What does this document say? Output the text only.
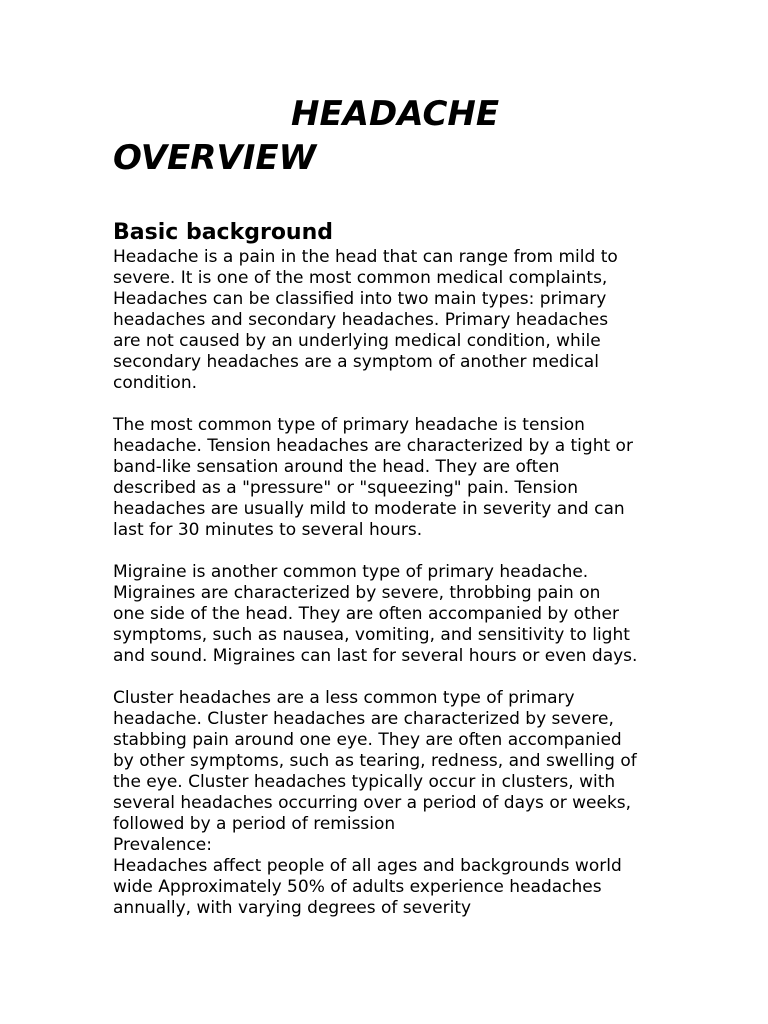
HEADACHE
OVERVIEW
Basic background

Headache is a pain in the head that can range from mild to
severe. It is one of the most common medical complaints,
Headaches can be classified into two main types: primary
headaches and secondary headaches. Primary headaches
are not caused by an underlying medical condition, while
secondary headaches are a symptom of another medical
condition.

The most common type of primary headache is tension
headache. Tension headaches are characterized by a tight or
band-like sensation around the head. They are often
described as a "pressure" or "squeezing" pain. Tension
headaches are usually mild to moderate in severity and can
last for 30 minutes to several hours.

Migraine is another common type of primary headache.
Migraines are characterized by severe, throbbing pain on
one side of the head. They are often accompanied by other
symptoms, such as nausea, vomiting, and sensitivity to light
and sound. Migraines can last for several hours or even days.

Cluster headaches are a less common type of primary
headache. Cluster headaches are characterized by severe,
stabbing pain around one eye. They are often accompanied
by other symptoms, such as tearing, redness, and swelling of
the eye. Cluster headaches typically occur in clusters, with
several headaches occurring over a period of days or weeks,
followed by a period of remission
Prevalence:
Headaches affect people of all ages and backgrounds world
wide Approximately 50% of adults experience headaches
annually, with varying degrees of severity
